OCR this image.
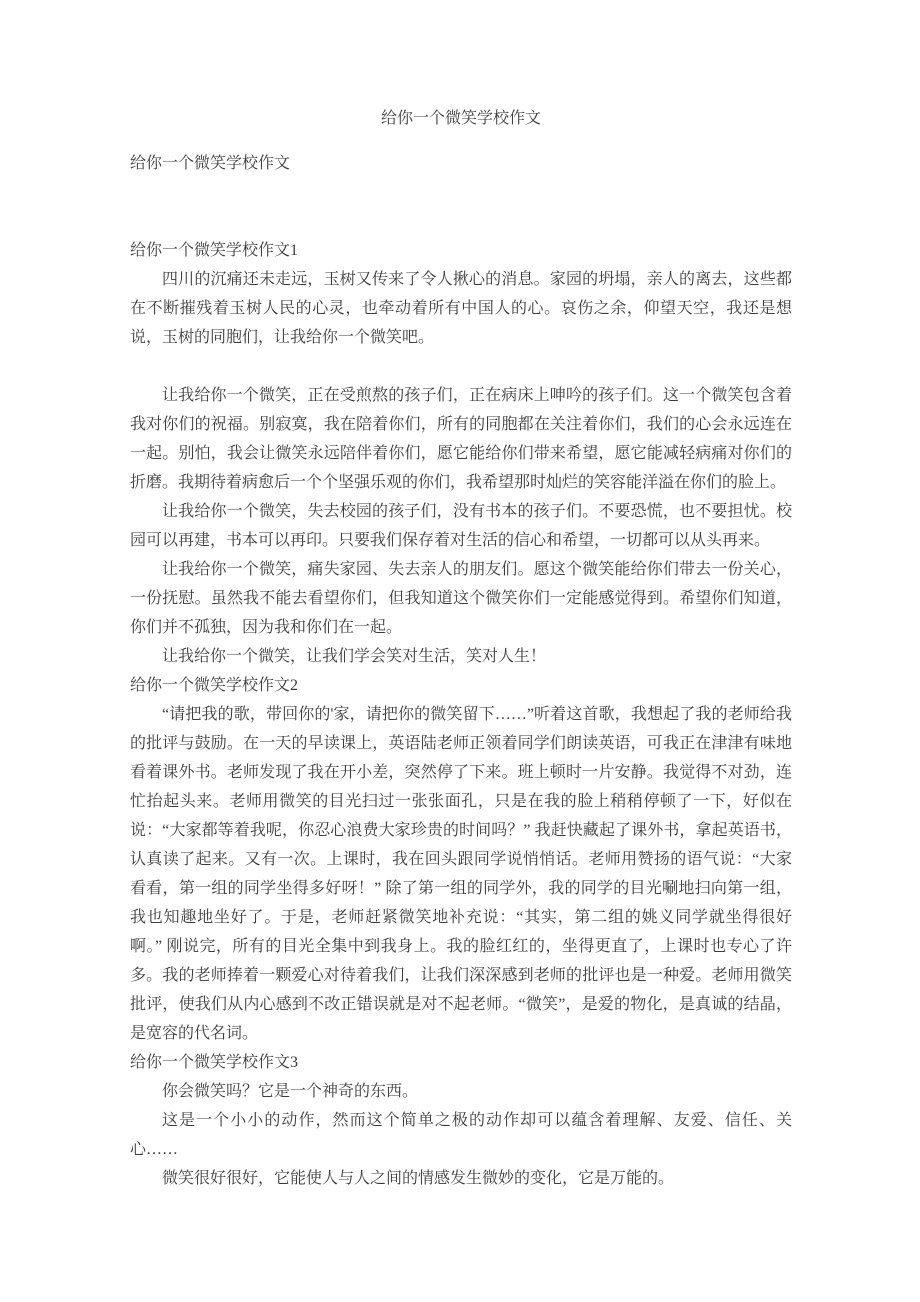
给你一个微笑学校作文

给你一个微笑学校作文

给你一个微笑学校作文1

四川的沉痛还未走远，玉树又传来了令人揪心的消息。家园的坍塌，亲人的离去，这些都在不断摧残着玉树人民的心灵，也牵动着所有中国人的心。哀伤之余，仰望天空，我还是想说，玉树的同胞们，让我给你一个微笑吧。

让我给你一个微笑，正在受煎熬的孩子们，正在病床上呻吟的孩子们。这一个微笑包含着我对你们的祝福。别寂寞，我在陪着你们，所有的同胞都在关注着你们，我们的心会永远连在一起。别怕，我会让微笑永远陪伴着你们，愿它能给你们带来希望，愿它能减轻病痛对你们的折磨。我期待着病愈后一个个坚强乐观的你们，我希望那时灿烂的笑容能洋溢在你们的脸上。

让我给你一个微笑，失去校园的孩子们，没有书本的孩子们。不要恐慌，也不要担忧。校园可以再建，书本可以再印。只要我们保存着对生活的信心和希望，一切都可以从头再来。

让我给你一个微笑，痛失家园、失去亲人的朋友们。愿这个微笑能给你们带去一份关心，一份抚慰。虽然我不能去看望你们，但我知道这个微笑你们一定能感觉得到。希望你们知道，你们并不孤独，因为我和你们在一起。

让我给你一个微笑，让我们学会笑对生活，笑对人生！

给你一个微笑学校作文2

“请把我的歌，带回你的'家，请把你的微笑留下……”听着这首歌，我想起了我的老师给我的批评与鼓励。在一天的早读课上，英语陆老师正领着同学们朗读英语，可我正在津津有味地看着课外书。老师发现了我在开小差，突然停了下来。班上顿时一片安静。我觉得不对劲，连忙抬起头来。老师用微笑的目光扫过一张张面孔，只是在我的脸上稍稍停顿了一下，好似在说：“大家都等着我呢，你忍心浪费大家珍贵的时间吗？” 我赶快藏起了课外书，拿起英语书，认真读了起来。又有一次。上课时，我在回头跟同学说悄悄话。老师用赞扬的语气说：“大家看看，第一组的同学坐得多好呀！” 除了第一组的同学外，我的同学的目光唰地扫向第一组，我也知趣地坐好了。于是，老师赶紧微笑地补充说：“其实，第二组的姚义同学就坐得很好啊。” 刚说完，所有的目光全集中到我身上。我的脸红红的，坐得更直了，上课时也专心了许多。我的老师捧着一颗爱心对待着我们，让我们深深感到老师的批评也是一种爱。老师用微笑批评，使我们从内心感到不改正错误就是对不起老师。“微笑”，是爱的物化，是真诚的结晶，是宽容的代名词。

给你一个微笑学校作文3

你会微笑吗？它是一个神奇的东西。

这是一个小小的动作，然而这个简单之极的动作却可以蕴含着理解、友爱、信任、关心……

微笑很好很好，它能使人与人之间的情感发生微妙的变化，它是万能的。
